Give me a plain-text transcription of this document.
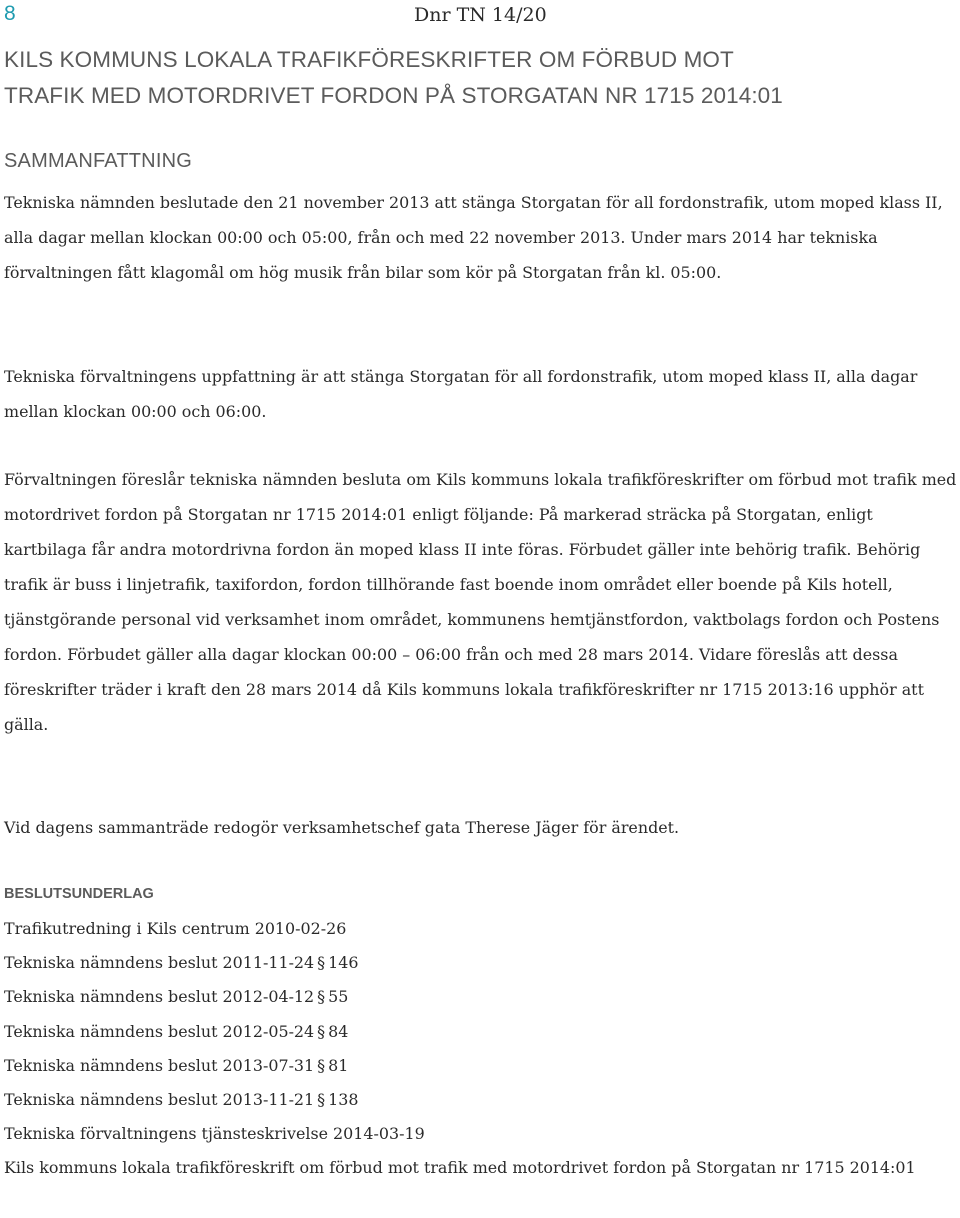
8	Dnr TN 14/20
KILS KOMMUNS LOKALA TRAFIKFÖRESKRIFTER OM FÖRBUD MOT
TRAFIK MED MOTORDRIVET FORDON PÅ STORGATAN NR 1715 2014:01
SAMMANFATTNING

Tekniska nämnden beslutade den 21 november 2013 att stänga Storgatan för all fordonstrafik, utom moped klass II, alla dagar mellan klockan 00:00 och 05:00, från och med 22 november 2013. Under mars 2014 har tekniska förvaltningen fått klagomål om hög musik från bilar som kör på Storgatan från kl. 05:00.

Tekniska förvaltningens uppfattning är att stänga Storgatan för all fordonstrafik, utom moped klass II, alla dagar mellan klockan 00:00 och 06:00.

Förvaltningen föreslår tekniska nämnden besluta om Kils kommuns lokala trafikföreskrifter om förbud mot trafik med motordrivet fordon på Storgatan nr 1715 2014:01 enligt följande: På markerad sträcka på Storgatan, enligt kartbilaga får andra motordrivna fordon än moped klass II inte föras. Förbudet gäller inte behörig trafik. Behörig trafik är buss i linjetrafik, taxifordon, fordon tillhörande fast boende inom området eller boende på Kils hotell, tjänstgörande personal vid verksamhet inom området, kommunens hemtjänstfordon, vaktbolags fordon och Postens fordon. Förbudet gäller alla dagar klockan 00:00 – 06:00 från och med 28 mars 2014. Vidare föreslås att dessa föreskrifter träder i kraft den 28 mars 2014 då Kils kommuns lokala trafikföreskrifter nr 1715 2013:16 upphör att gälla.

Vid dagens sammanträde redogör verksamhetschef gata Therese Jäger för ärendet.

BESLUTSUNDERLAG
Trafikutredning i Kils centrum 2010-02-26
Tekniska nämndens beslut 2011-11-24 § 146
Tekniska nämndens beslut 2012-04-12 § 55
Tekniska nämndens beslut 2012-05-24 § 84
Tekniska nämndens beslut 2013-07-31 § 81
Tekniska nämndens beslut 2013-11-21 § 138
Tekniska förvaltningens tjänsteskrivelse 2014-03-19
Kils kommuns lokala trafikföreskrift om förbud mot trafik med motordrivet fordon på Storgatan nr 1715 2014:01
